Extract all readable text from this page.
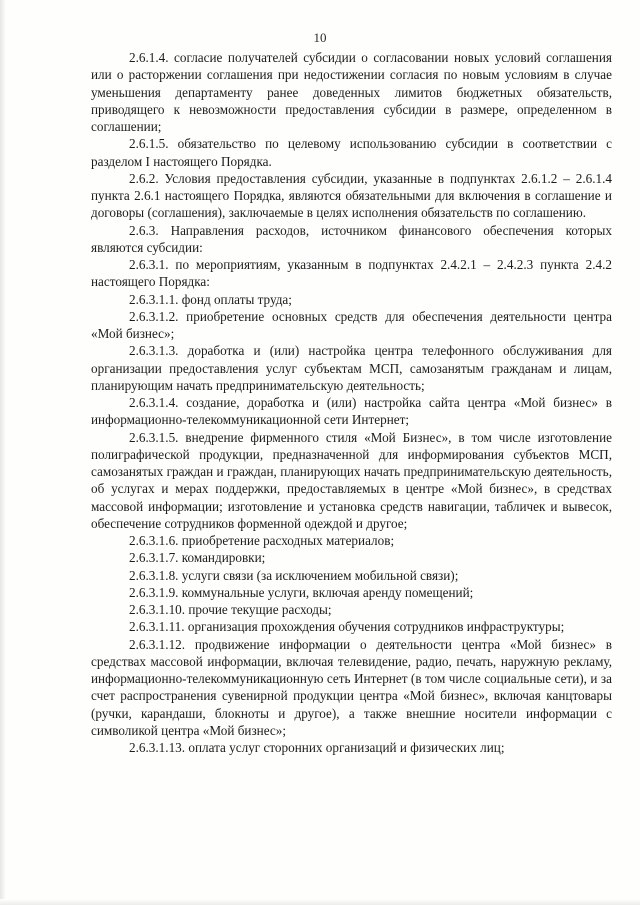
10

2.6.1.4. согласие получателей субсидии о согласовании новых условий соглашения или о расторжении соглашения при недостижении согласия по новым условиям в случае уменьшения департаменту ранее доведенных лимитов бюджетных обязательств, приводящего к невозможности предоставления субсидии в размере, определенном в соглашении;

2.6.1.5. обязательство по целевому использованию субсидии в соответствии с разделом I настоящего Порядка.

2.6.2. Условия предоставления субсидии, указанные в подпунктах 2.6.1.2 – 2.6.1.4 пункта 2.6.1 настоящего Порядка, являются обязательными для включения в соглашение и договоры (соглашения), заключаемые в целях исполнения обязательств по соглашению.

2.6.3. Направления расходов, источником финансового обеспечения которых являются субсидии:

2.6.3.1. по мероприятиям, указанным в подпунктах 2.4.2.1 – 2.4.2.3 пункта 2.4.2 настоящего Порядка:

2.6.3.1.1. фонд оплаты труда;

2.6.3.1.2. приобретение основных средств для обеспечения деятельности центра «Мой бизнес»;

2.6.3.1.3. доработка и (или) настройка центра телефонного обслуживания для организации предоставления услуг субъектам МСП, самозанятым гражданам и лицам, планирующим начать предпринимательскую деятельность;

2.6.3.1.4. создание, доработка и (или) настройка сайта центра «Мой бизнес» в информационно-телекоммуникационной сети Интернет;

2.6.3.1.5. внедрение фирменного стиля «Мой Бизнес», в том числе изготовление полиграфической продукции, предназначенной для информирования субъектов МСП, самозанятых граждан и граждан, планирующих начать предпринимательскую деятельность, об услугах и мерах поддержки, предоставляемых в центре «Мой бизнес», в средствах массовой информации; изготовление и установка средств навигации, табличек и вывесок, обеспечение сотрудников форменной одеждой и другое;

2.6.3.1.6. приобретение расходных материалов;

2.6.3.1.7. командировки;

2.6.3.1.8. услуги связи (за исключением мобильной связи);

2.6.3.1.9. коммунальные услуги, включая аренду помещений;

2.6.3.1.10. прочие текущие расходы;

2.6.3.1.11. организация прохождения обучения сотрудников инфраструктуры;

2.6.3.1.12. продвижение информации о деятельности центра «Мой бизнес» в средствах массовой информации, включая телевидение, радио, печать, наружную рекламу, информационно-телекоммуникационную сеть Интернет (в том числе социальные сети), и за счет распространения сувенирной продукции центра «Мой бизнес», включая канцтовары (ручки, карандаши, блокноты и другое), а также внешние носители информации с символикой центра «Мой бизнес»;

2.6.3.1.13. оплата услуг сторонних организаций и физических лиц;
